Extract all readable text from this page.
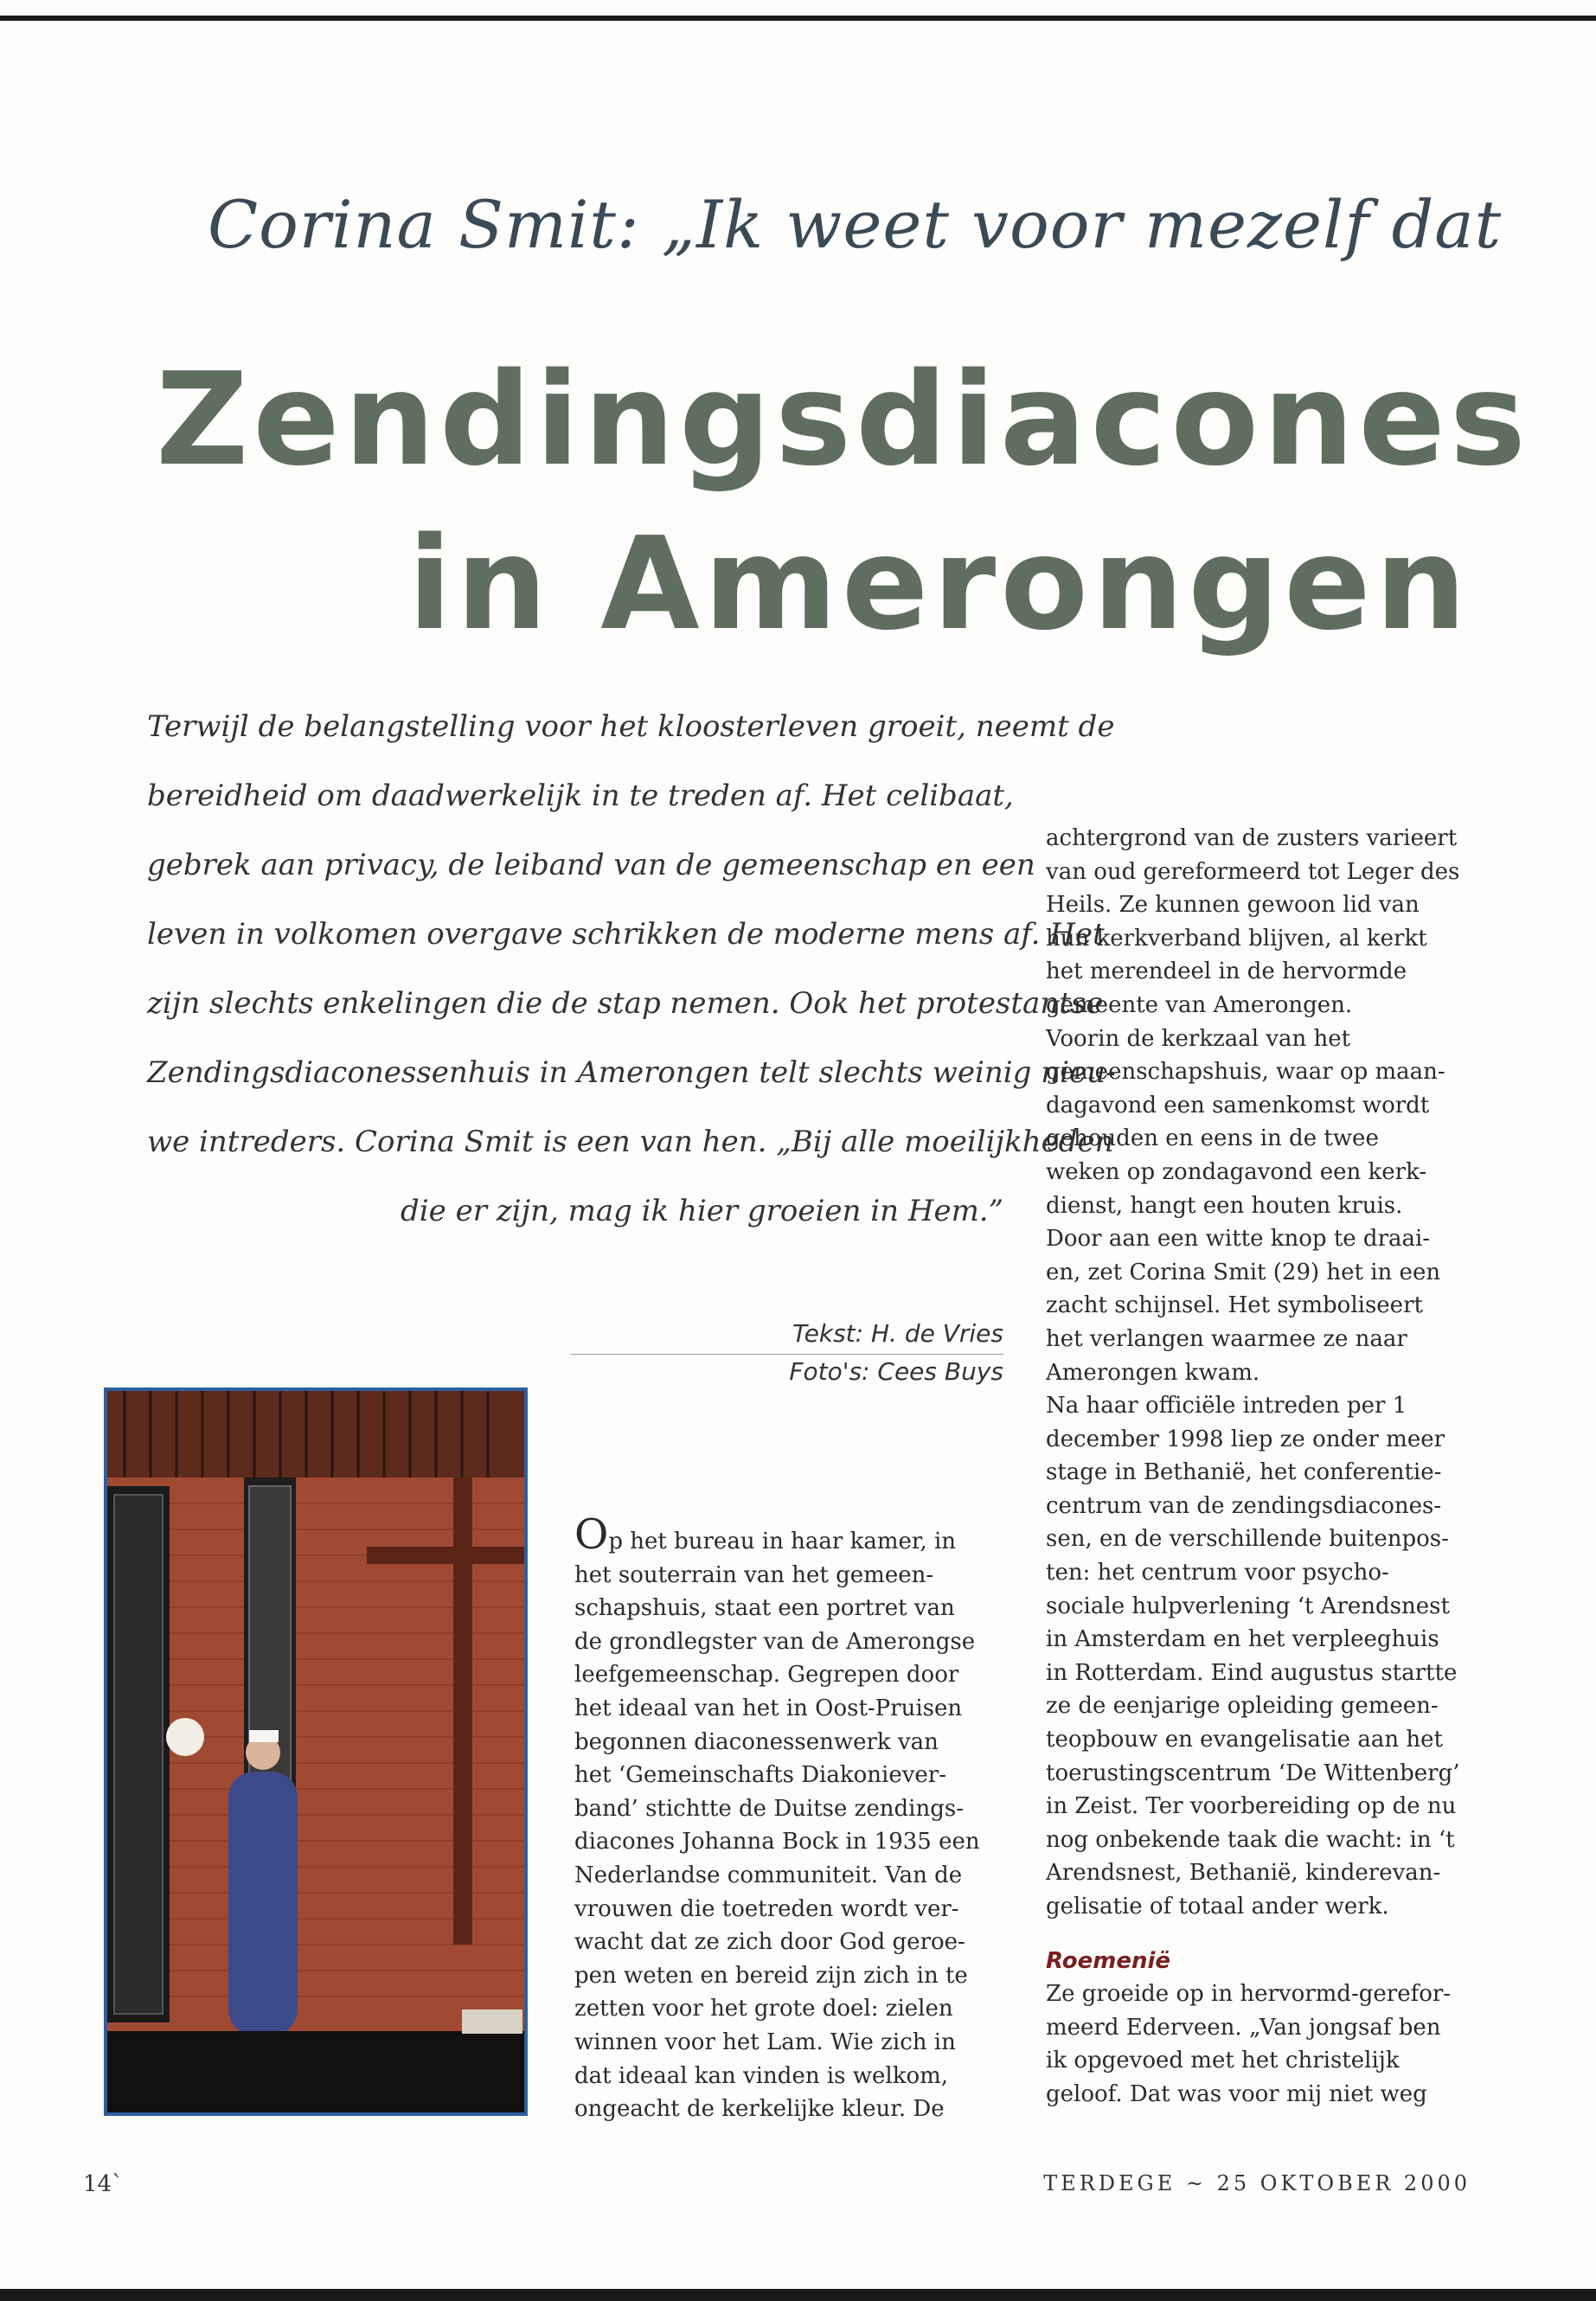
Corina Smit: „Ik weet voor mezelf dat
Zendingsdiacones
in Amerongen
Terwijl de belangstelling voor het kloosterleven groeit, neemt de
bereidheid om daadwerkelijk in te treden af. Het celibaat,
gebrek aan privacy, de leiband van de gemeenschap en een
leven in volkomen overgave schrikken de moderne mens af. Het
zijn slechts enkelingen die de stap nemen. Ook het protestantse
Zendingsdiaconessenhuis in Amerongen telt slechts weinig nieu-
we intreders. Corina Smit is een van hen. „Bij alle moeilijkheden
die er zijn, mag ik hier groeien in Hem.”
Tekst: H. de Vries
Foto's: Cees Buys
Op het bureau in haar kamer, in
het souterrain van het gemeen-
schapshuis, staat een portret van
de grondlegster van de Amerongse
leefgemeenschap. Gegrepen door
het ideaal van het in Oost-Pruisen
begonnen diaconessenwerk van
het ‘Gemeinschafts Diakoniever-
band’ stichtte de Duitse zendings-
diacones Johanna Bock in 1935 een
Nederlandse communiteit. Van de
vrouwen die toetreden wordt ver-
wacht dat ze zich door God geroe-
pen weten en bereid zijn zich in te
zetten voor het grote doel: zielen
winnen voor het Lam. Wie zich in
dat ideaal kan vinden is welkom,
ongeacht de kerkelijke kleur. De
achtergrond van de zusters varieert
van oud gereformeerd tot Leger des
Heils. Ze kunnen gewoon lid van
hun kerkverband blijven, al kerkt
het merendeel in de hervormde
gemeente van Amerongen.
Voorin de kerkzaal van het
gemeenschapshuis, waar op maan-
dagavond een samenkomst wordt
gehouden en eens in de twee
weken op zondagavond een kerk-
dienst, hangt een houten kruis.
Door aan een witte knop te draai-
en, zet Corina Smit (29) het in een
zacht schijnsel. Het symboliseert
het verlangen waarmee ze naar
Amerongen kwam.
Na haar officiële intreden per 1
december 1998 liep ze onder meer
stage in Bethanië, het conferentie-
centrum van de zendingsdiacones-
sen, en de verschillende buitenpos-
ten: het centrum voor psycho-
sociale hulpverlening ‘t Arendsnest
in Amsterdam en het verpleeghuis
in Rotterdam. Eind augustus startte
ze de eenjarige opleiding gemeen-
teopbouw en evangelisatie aan het
toerustingscentrum ‘De Wittenberg’
in Zeist. Ter voorbereiding op de nu
nog onbekende taak die wacht: in ‘t
Arendsnest, Bethanië, kinderevan-
gelisatie of totaal ander werk.
Roemenië
Ze groeide op in hervormd-gerefor-
meerd Ederveen. „Van jongsaf ben
ik opgevoed met het christelijk
geloof. Dat was voor mij niet weg
14`	TERDEGE ~ 25 OKTOBER 2000
